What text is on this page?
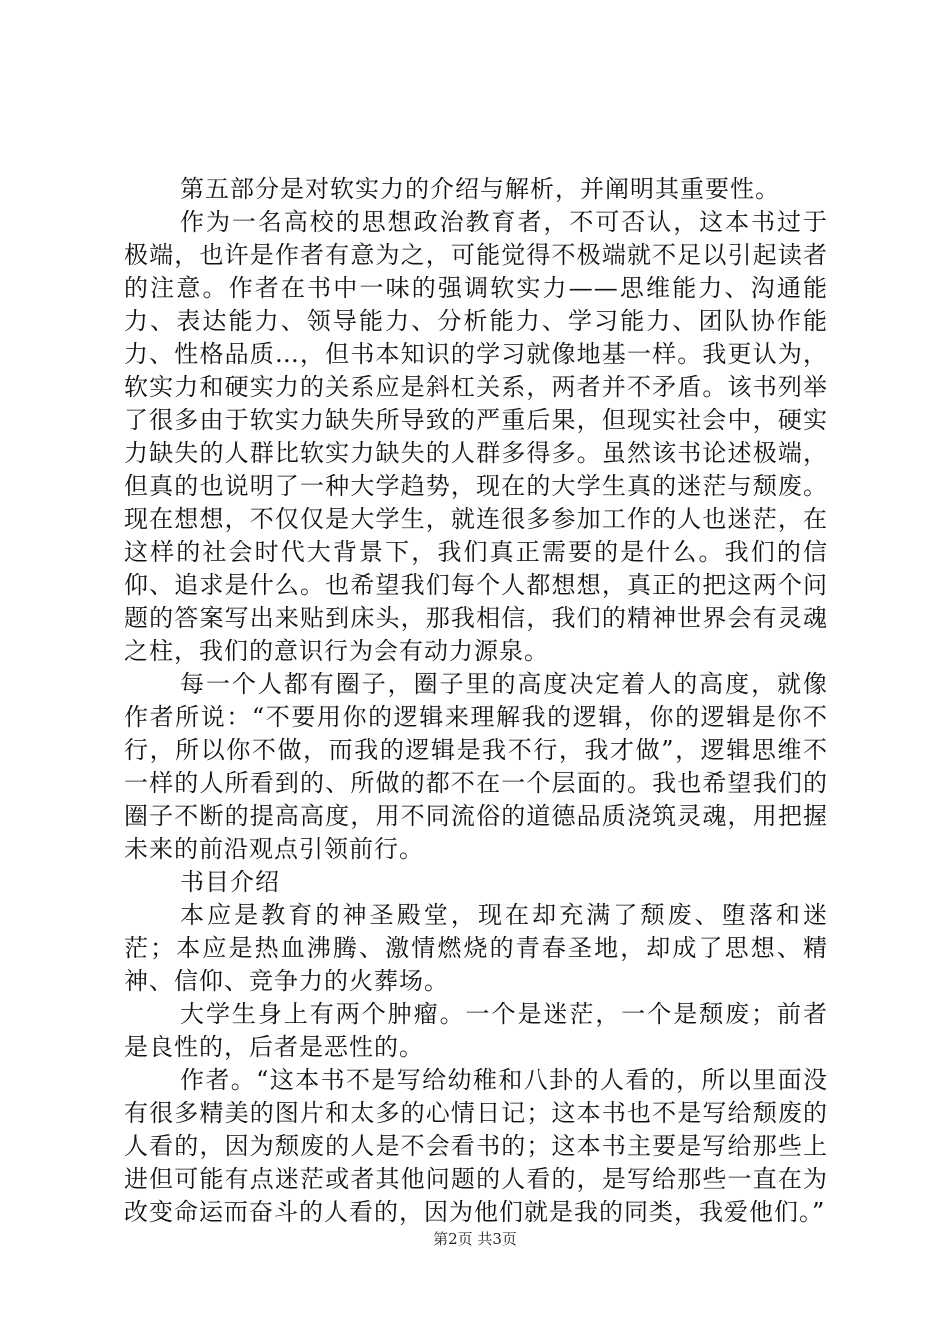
第五部分是对软实力的介绍与解析，并阐明其重要性。

作为一名高校的思想政治教育者，不可否认，这本书过于极端，也许是作者有意为之，可能觉得不极端就不足以引起读者的注意。作者在书中一味的强调软实力——思维能力、沟通能力、表达能力、领导能力、分析能力、学习能力、团队协作能力、性格品质…，但书本知识的学习就像地基一样。我更认为，软实力和硬实力的关系应是斜杠关系，两者并不矛盾。该书列举了很多由于软实力缺失所导致的严重后果，但现实社会中，硬实力缺失的人群比软实力缺失的人群多得多。虽然该书论述极端，但真的也说明了一种大学趋势，现在的大学生真的迷茫与颓废。现在想想，不仅仅是大学生，就连很多参加工作的人也迷茫，在这样的社会时代大背景下，我们真正需要的是什么。我们的信仰、追求是什么。也希望我们每个人都想想，真正的把这两个问题的答案写出来贴到床头，那我相信，我们的精神世界会有灵魂之柱，我们的意识行为会有动力源泉。

每一个人都有圈子，圈子里的高度决定着人的高度，就像作者所说：“不要用你的逻辑来理解我的逻辑，你的逻辑是你不行，所以你不做，而我的逻辑是我不行，我才做”，逻辑思维不一样的人所看到的、所做的都不在一个层面的。我也希望我们的圈子不断的提高高度，用不同流俗的道德品质浇筑灵魂，用把握未来的前沿观点引领前行。

书目介绍

本应是教育的神圣殿堂，现在却充满了颓废、堕落和迷茫；本应是热血沸腾、激情燃烧的青春圣地，却成了思想、精神、信仰、竞争力的火葬场。

大学生身上有两个肿瘤。一个是迷茫，一个是颓废；前者是良性的，后者是恶性的。

作者。“这本书不是写给幼稚和八卦的人看的，所以里面没有很多精美的图片和太多的心情日记；这本书也不是写给颓废的人看的，因为颓废的人是不会看书的；这本书主要是写给那些上进但可能有点迷茫或者其他问题的人看的，是写给那些一直在为改变命运而奋斗的人看的，因为他们就是我的同类，我爱他们。”

第2页 共3页
